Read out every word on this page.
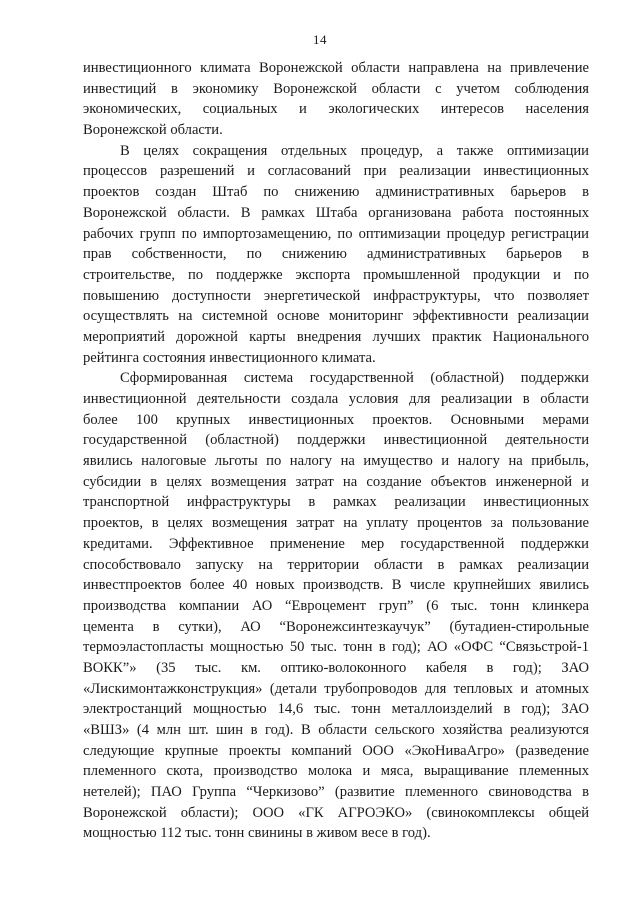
14
инвестиционного климата Воронежской области направлена на привлечение
инвестиций в экономику Воронежской области с учетом соблюдения
экономических, социальных и экологических интересов населения
Воронежской области.
В целях сокращения отдельных процедур, а также оптимизации
процессов разрешений и согласований при реализации инвестиционных
проектов создан Штаб по снижению административных барьеров в
Воронежской области. В рамках Штаба организована работа постоянных
рабочих групп по импортозамещению, по оптимизации процедур регистрации
прав собственности, по снижению административных барьеров в
строительстве, по поддержке экспорта промышленной продукции и по
повышению доступности энергетической инфраструктуры, что позволяет
осуществлять на системной основе мониторинг эффективности реализации
мероприятий дорожной карты внедрения лучших практик Национального
рейтинга состояния инвестиционного климата.
Сформированная система государственной (областной) поддержки
инвестиционной деятельности создала условия для реализации в области
более 100 крупных инвестиционных проектов. Основными мерами
государственной (областной) поддержки инвестиционной деятельности
явились налоговые льготы по налогу на имущество и налогу на прибыль,
субсидии в целях возмещения затрат на создание объектов инженерной и
транспортной инфраструктуры в рамках реализации инвестиционных
проектов, в целях возмещения затрат на уплату процентов за пользование
кредитами. Эффективное применение мер государственной поддержки
способствовало запуску на территории области в рамках реализации
инвестпроектов более 40 новых производств. В числе крупнейших явились
производства компании АО “Евроцемент груп” (6 тыс. тонн клинкера
цемента в сутки), АО “Воронежсинтезкаучук” (бутадиен-стирольные
термоэластопласты мощностью 50 тыс. тонн в год); АО «ОФС “Связьстрой-1
ВОКК”» (35 тыс. км. оптико-волоконного кабеля в год); ЗАО
«Лискимонтажконструкция» (детали трубопроводов для тепловых и атомных
электростанций мощностью 14,6 тыс. тонн металлоизделий в год); ЗАО
«ВШЗ» (4 млн шт. шин в год). В области сельского хозяйства реализуются
следующие крупные проекты компаний ООО «ЭкоНиваАгро» (разведение
племенного скота, производство молока и мяса, выращивание племенных
нетелей); ПАО Группа “Черкизово” (развитие племенного свиноводства в
Воронежской области); ООО «ГК АГРОЭКО» (свинокомплексы общей
мощностью 112 тыс. тонн свинины в живом весе в год).
